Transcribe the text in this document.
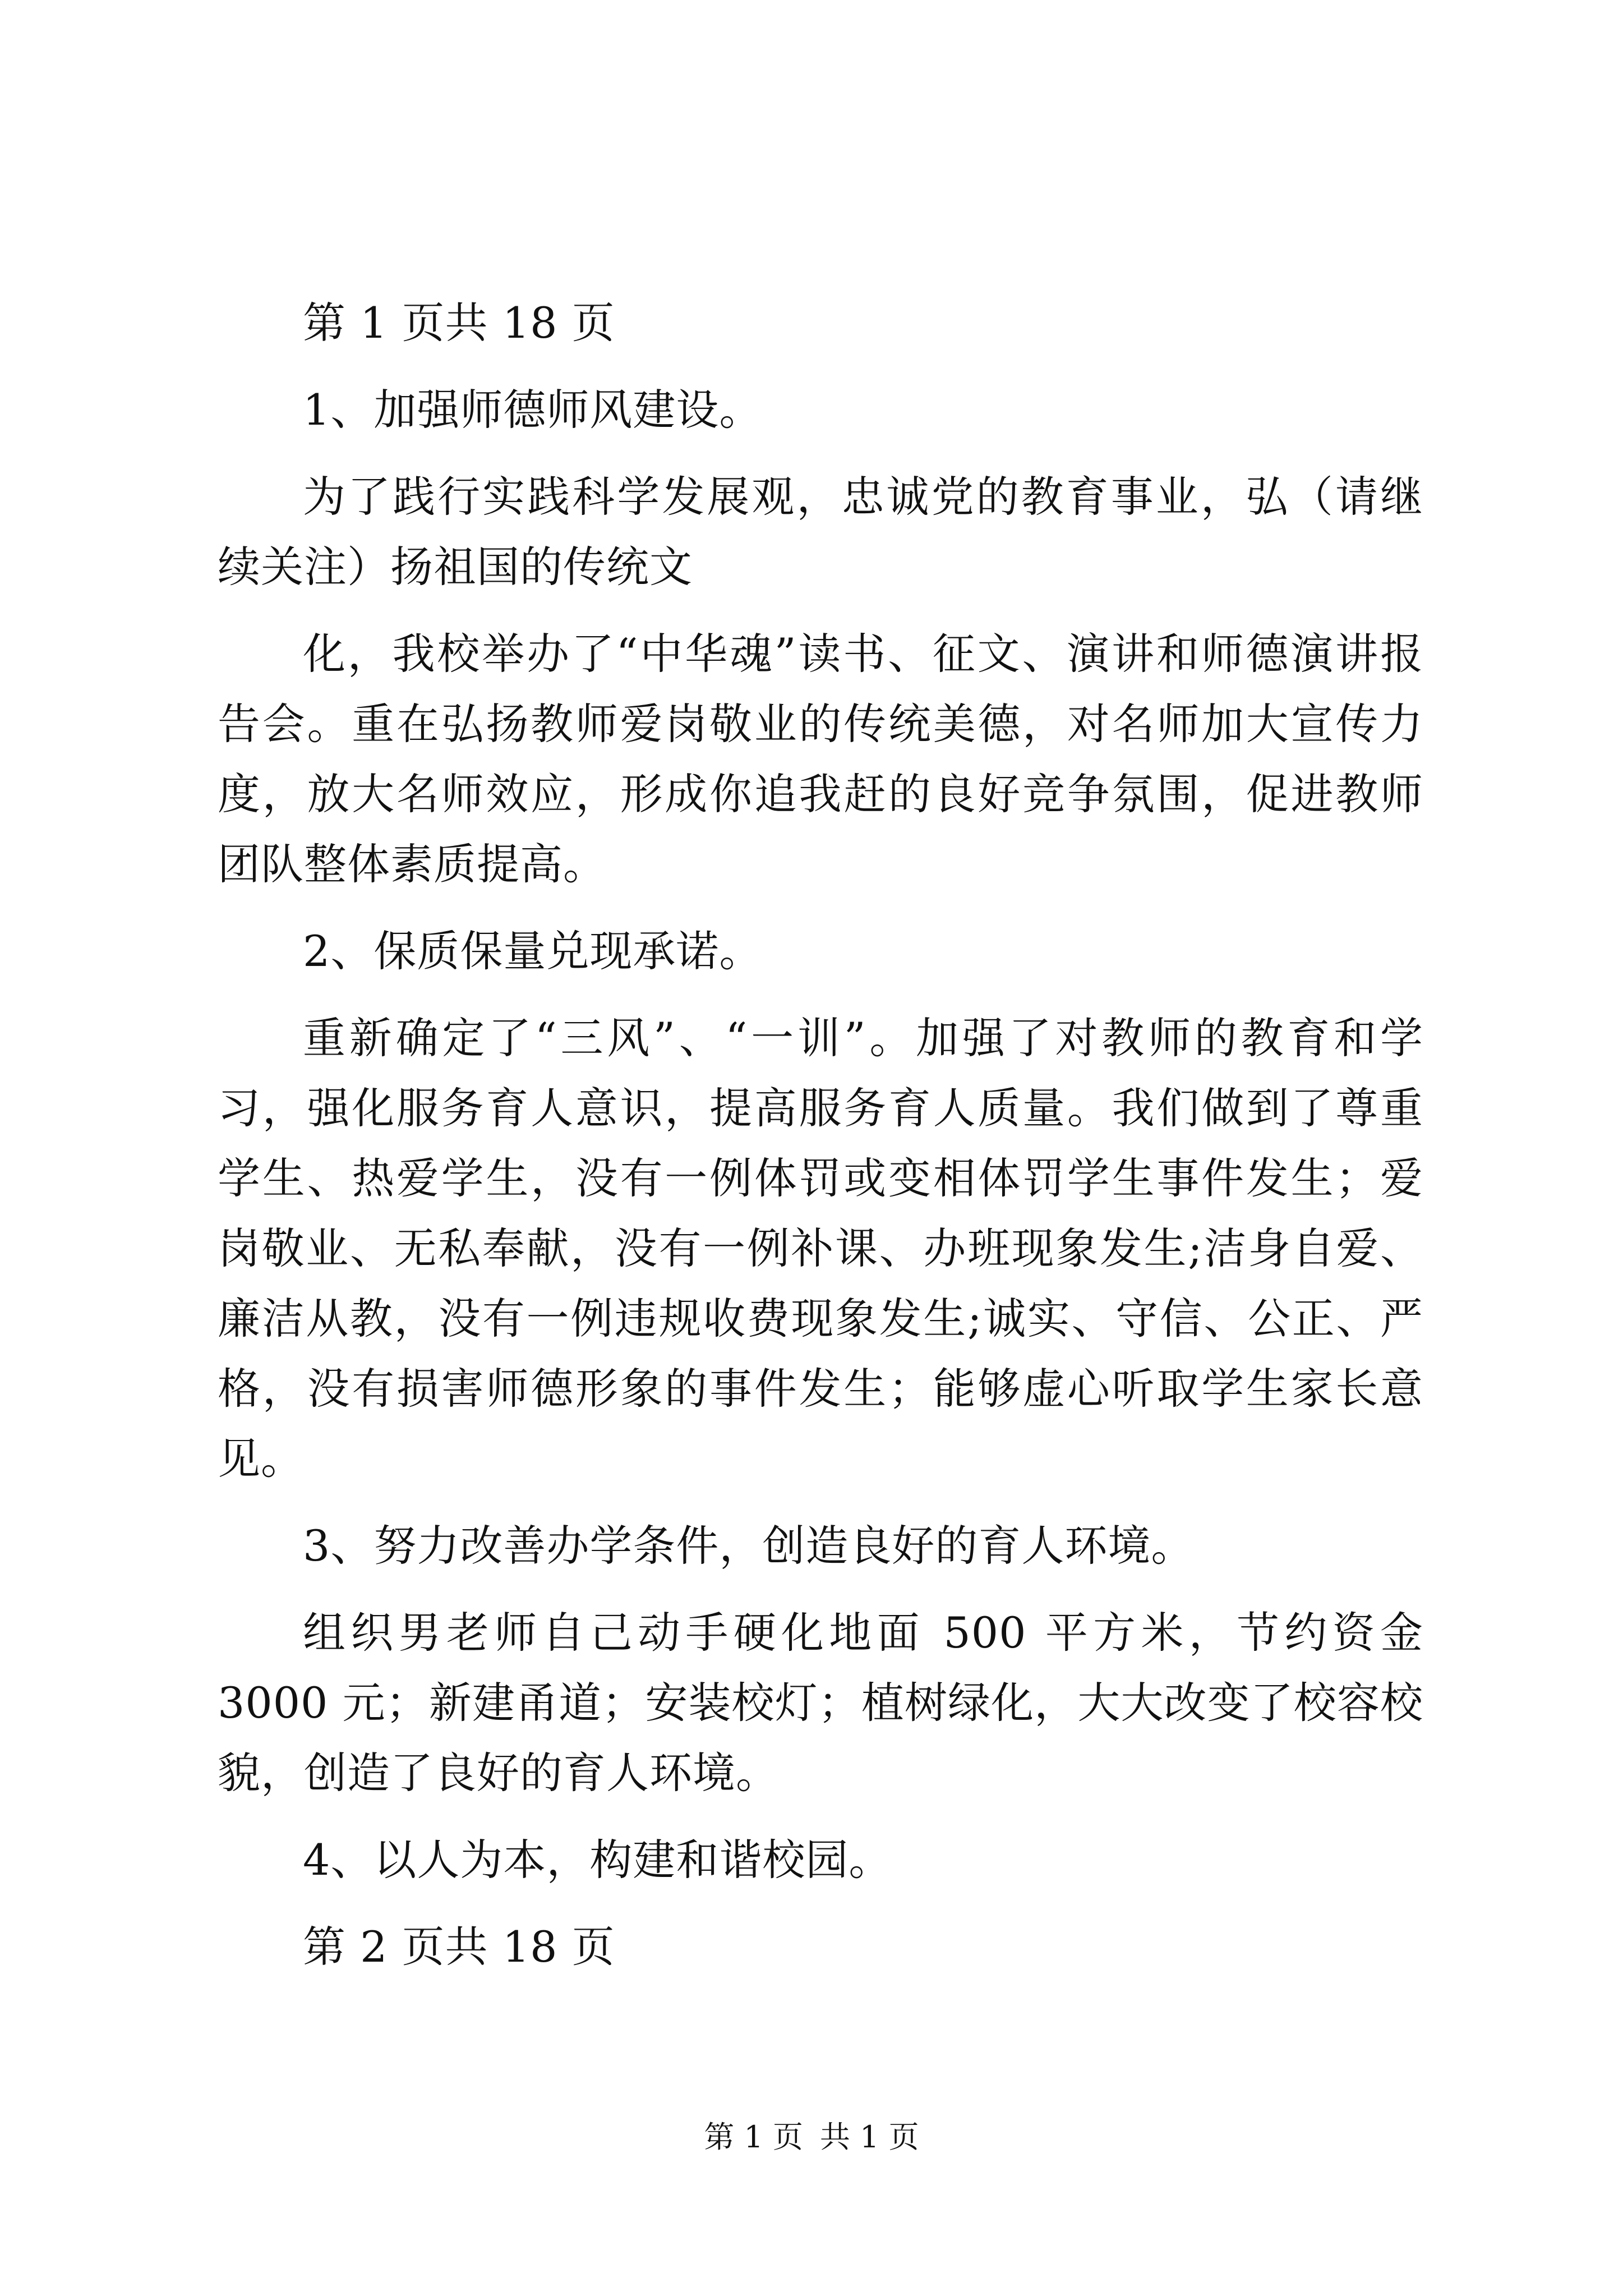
第 1 页共 18 页

1、加强师德师风建设。

为了践行实践科学发展观，忠诚党的教育事业，弘（请继续关注）扬祖国的传统文

化，我校举办了“中华魂”读书、征文、演讲和师德演讲报告会。重在弘扬教师爱岗敬业的传统美德，对名师加大宣传力度，放大名师效应，形成你追我赶的良好竞争氛围，促进教师团队整体素质提高。

2、保质保量兑现承诺。

重新确定了“三风”、“一训”。加强了对教师的教育和学习，强化服务育人意识，提高服务育人质量。我们做到了尊重学生、热爱学生，没有一例体罚或变相体罚学生事件发生；爱岗敬业、无私奉献，没有一例补课、办班现象发生;洁身自爱、廉洁从教，没有一例违规收费现象发生;诚实、守信、公正、严格，没有损害师德形象的事件发生；能够虚心听取学生家长意见。

3、努力改善办学条件，创造良好的育人环境。

组织男老师自己动手硬化地面 500 平方米，节约资金 3000 元；新建甬道；安装校灯；植树绿化，大大改变了校容校貌，创造了良好的育人环境。

4、以人为本，构建和谐校园。

第 2 页共 18 页

第 1 页 共 1 页
